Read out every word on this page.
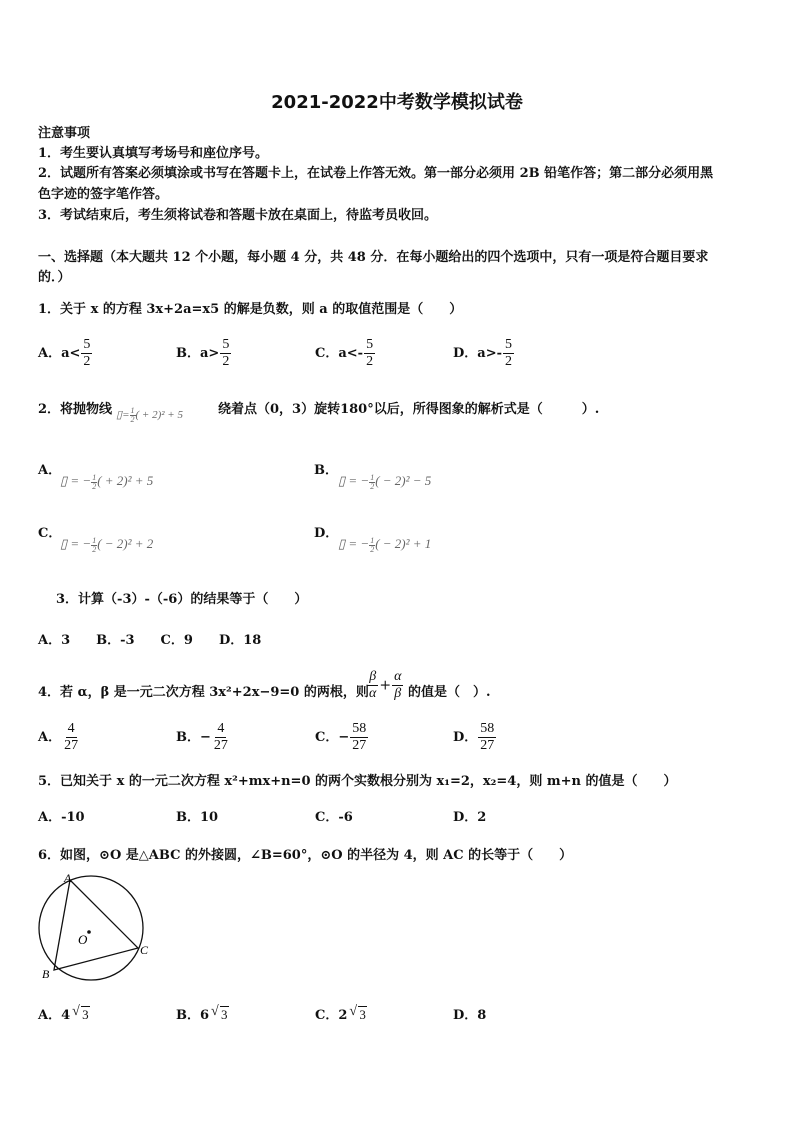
2021-2022中考数学模拟试卷
注意事项
1．考生要认真填写考场号和座位序号。
2．试题所有答案必须填涂或书写在答题卡上，在试卷上作答无效。第一部分必须用 2B 铅笔作答；第二部分必须用黑
色字迹的签字笔作答。
3．考试结束后，考生须将试卷和答题卡放在桌面上，待监考员收回。
一、选择题（本大题共 12 个小题，每小题 4 分，共 48 分．在每小题给出的四个选项中，只有一项是符合题目要求
的．）
1．关于 x 的方程 3x+2a=x5 的解是负数，则 a 的取值范围是（　　）
A．$a< \frac{5}{2}$	B．$a> \frac{5}{2}$	C．$a<- \frac{5}{2}$	D．$a>- \frac{5}{2}$
2．将抛物线 ▯= $\frac{1}{2}$ ( + 2)² + 5	绕着点（0，3）旋转180°以后，所得图象的解析式是（　　　）.
A．
▯ = − $\frac{1}{2}$ ( + 2)² + 5
B．
▯ = − $\frac{1}{2}$ ( − 2)² − 5
C．
▯ = − $\frac{1}{2}$ ( − 2)² + 2
D．
▯ = − $\frac{1}{2}$ ( − 2)² + 1
3．计算（-3）-（-6）的结果等于（　　）
A．3　　B．-3　　C．9　　D．18
4．若 α，β 是一元二次方程 3x²+2x−9=0 的两根，则
$\frac{\beta}{\alpha} + \frac{\alpha}{\beta}$ 的值是（　）.
A． $\frac{4}{27}$	B．− $\frac{4}{27}$	C．− $\frac{58}{27}$	D． $\frac{58}{27}$
5．已知关于 x 的一元二次方程 x²+mx+n=0 的两个实数根分别为 x₁=2，x₂=4，则 m+n 的值是（　　）
A．-10	B．10	C．-6	D．2
6．如图，⊙O 是△ABC 的外接圆，∠B=60°，⊙O 的半径为 4，则 AC 的长等于（　　）
A
B
C
O
A．4 √ 3	B．6 √ 3	C．2 √ 3	D．8
